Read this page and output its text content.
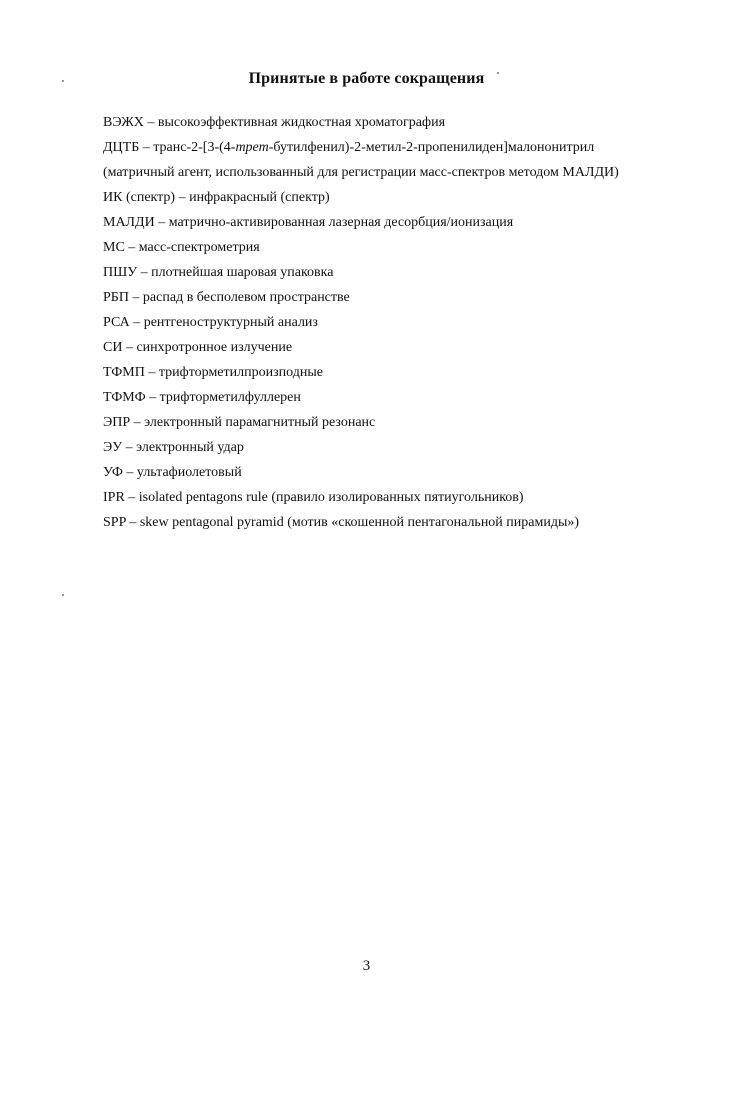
Принятые в работе сокращения
ВЭЖХ – высокоэффективная жидкостная хроматография
ДЦТБ – транс-2-[3-(4-трет-бутилфенил)-2-метил-2-пропенилиден]малононитрил
(матричный агент, использованный для регистрации масс-спектров методом МАЛДИ)
ИК (спектр) – инфракрасный (спектр)
МАЛДИ – матрично-активированная лазерная десорбция/ионизация
МС – масс-спектрометрия
ПШУ – плотнейшая шаровая упаковка
РБП – распад в бесполевом пространстве
РСА – рентгеноструктурный анализ
СИ – синхротронное излучение
ТФМП – трифторметилпроизподные
ТФМФ – трифторметилфуллерен
ЭПР – электронный парамагнитный резонанс
ЭУ – электронный удар
УФ – ультафиолетовый
IPR – isolated pentagons rule (правило изолированных пятиугольников)
SPP – skew pentagonal pyramid (мотив «скошенной пентагональной пирамиды»)
3
